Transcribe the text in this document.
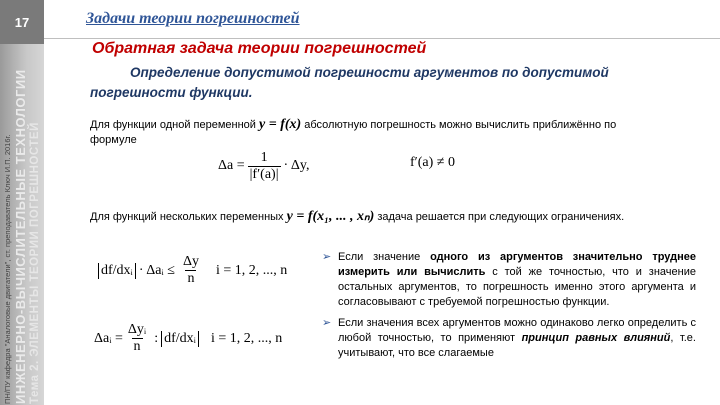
17
ПН/ПУ кафедра "Аналоговые двигатели", ст. преподаватель Ключ И.П. 2016г. ИНЖЕНЕРНО-ВЫЧИСЛИТЕЛЬНЫЕ ТЕХНОЛОГИИ Тема 2. ЭЛЕМЕНТЫ ТЕОРИИ ПОГРЕШНОСТЕЙ
Задачи теории погрешностей
Обратная задача теории погрешностей
Определение допустимой погрешности аргументов по допустимой
погрешности функции.
Для функции одной переменной y = f(x) абсолютную погрешность можно вычислить приближённо по формуле
$\Delta a = \frac{1}{|f'(a)|} \cdot \Delta y$,	f′(a) ≠ 0
Для функций нескольких переменных y = f(x₁, ... , xₙ) задача решается при следующих ограничениях.
df/dxᵢ · Δaᵢ ≤ $\frac{\Delta y}{n}$ i = 1, 2, ..., n
Δaᵢ = $\frac{\text{Δyᵢ}}{n}$ : df/dxᵢ i = 1, 2, ..., n
➢ Если значение одного из аргументов значительно труднее измерить или вычислить с той же точностью, что и значение остальных аргументов, то погрешность именно этого аргумента и согласовывают с требуемой погрешностью функции.
➢ Если значения всех аргументов можно одинаково легко определить с любой точностью, то применяют принцип равных влияний, т.е. учитывают, что все слагаемые
